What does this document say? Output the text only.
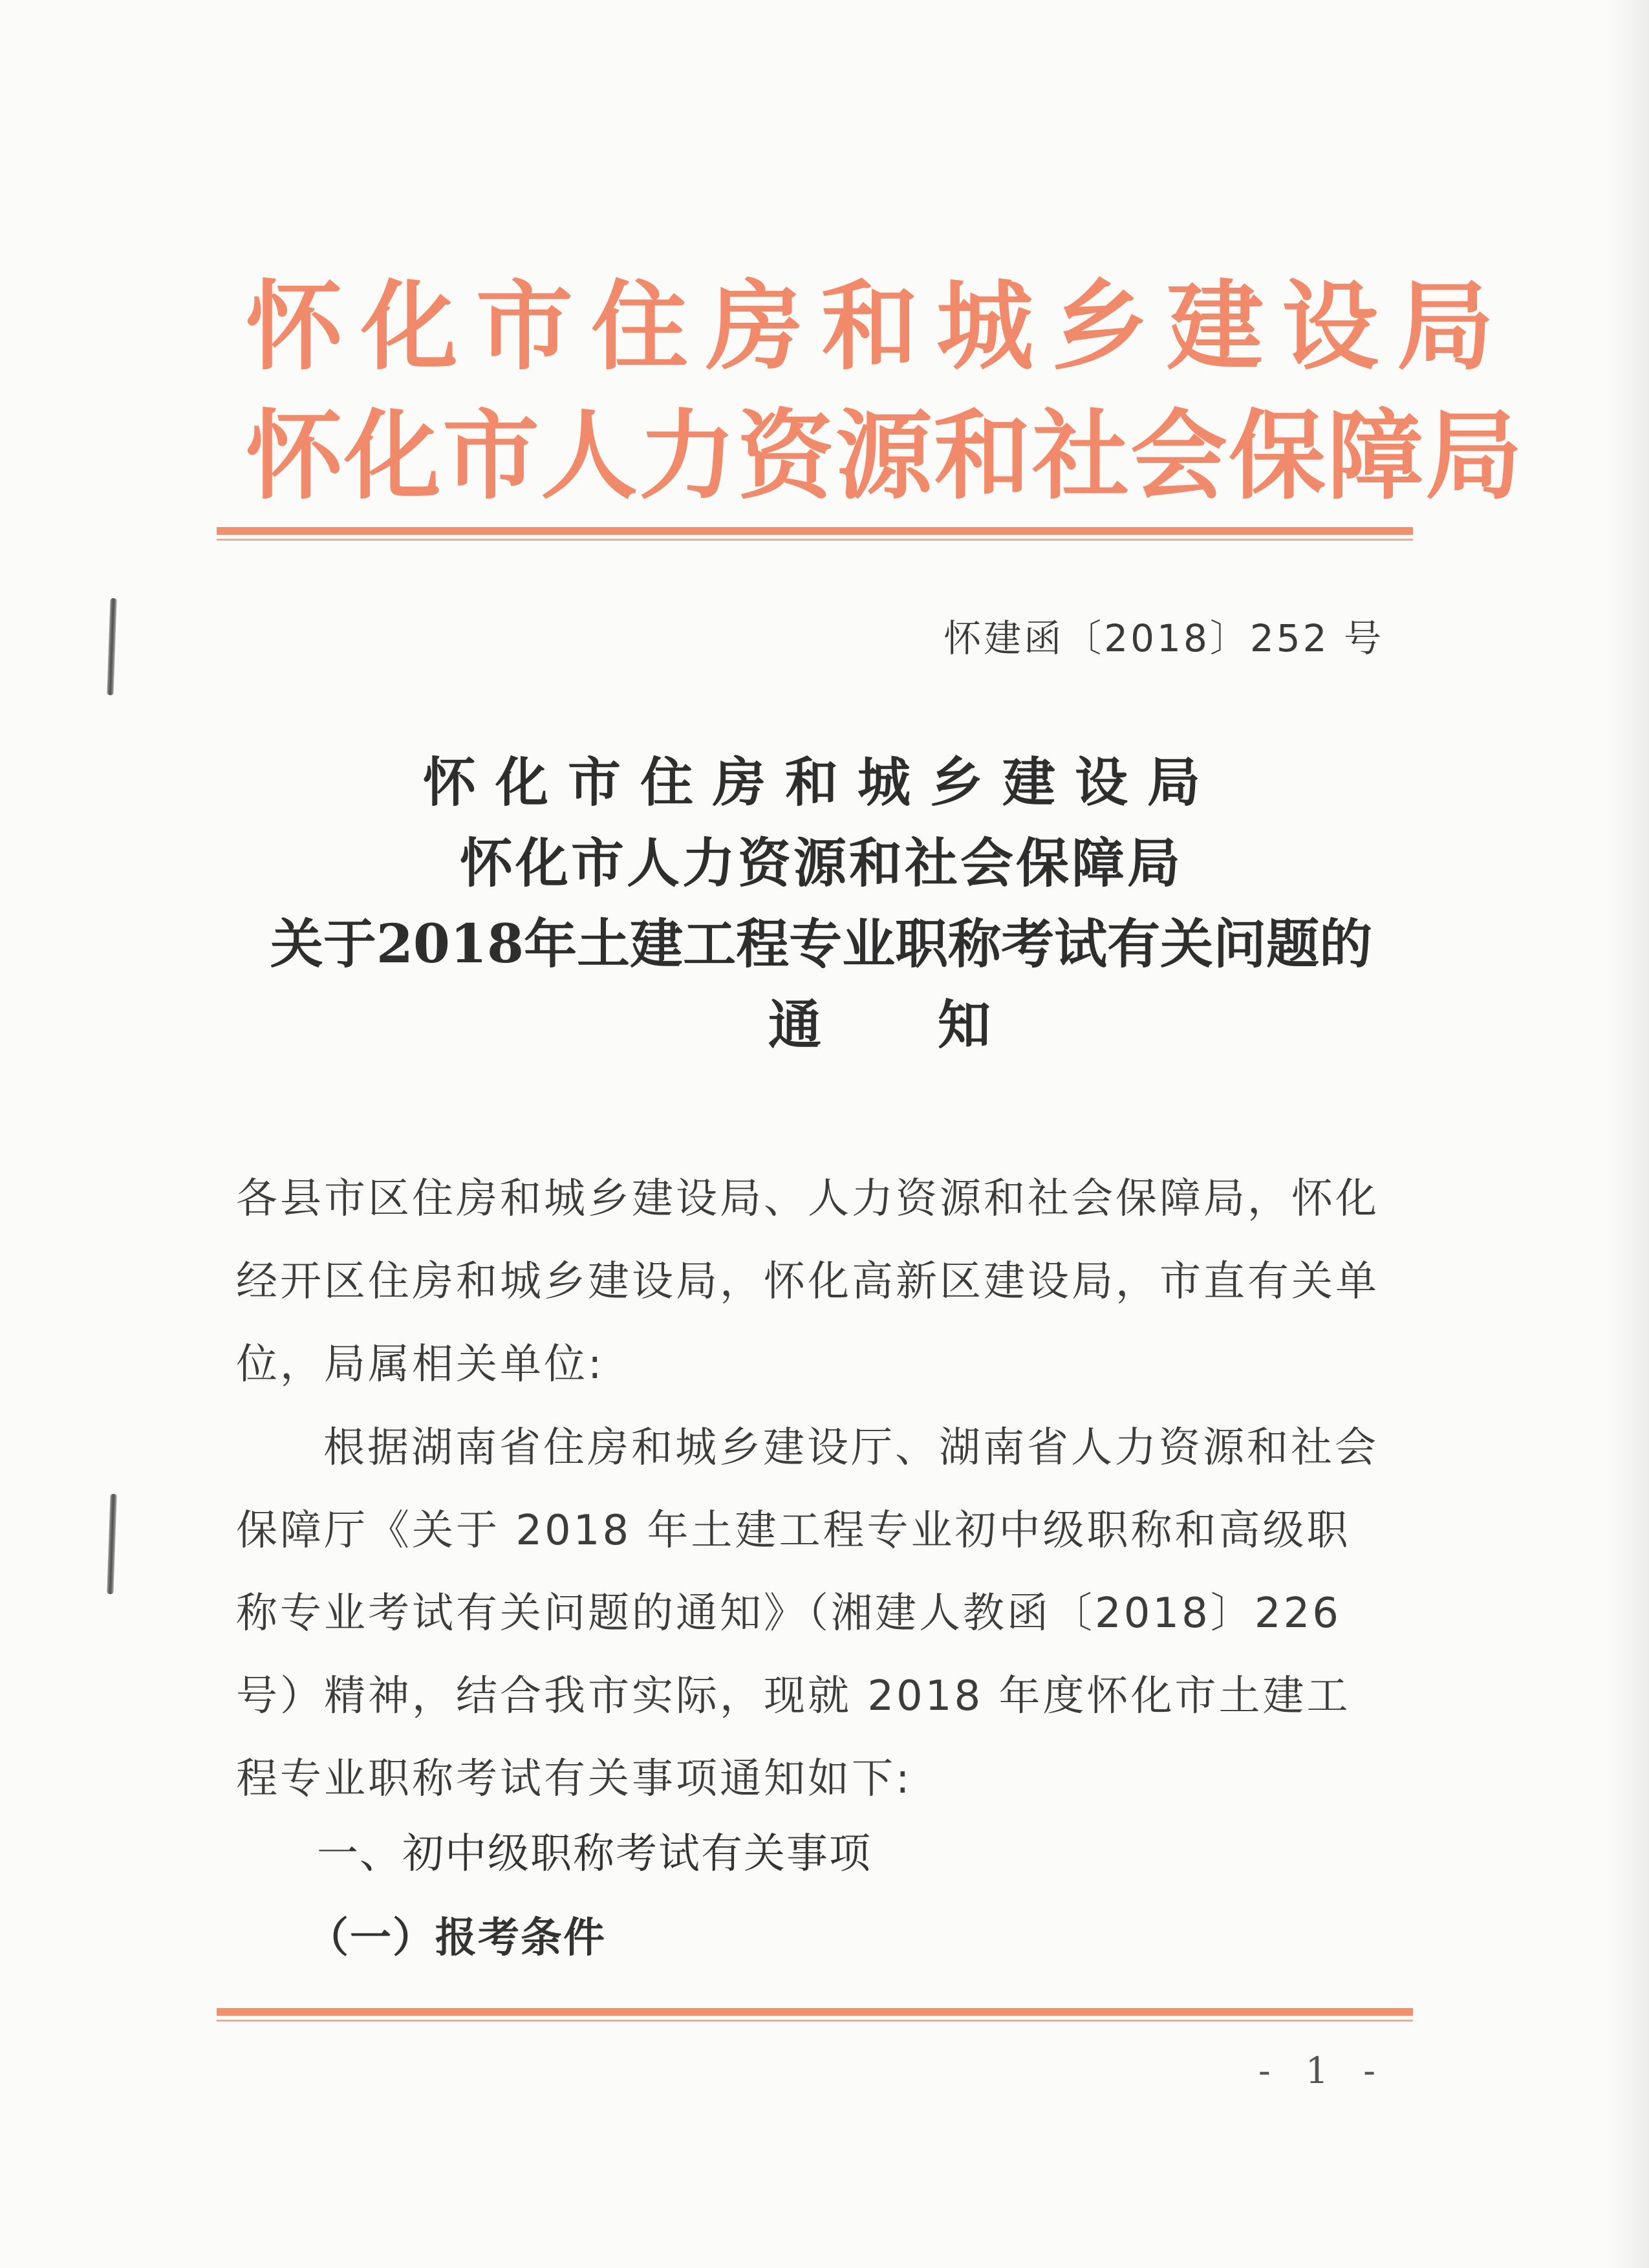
怀化市住房和城乡建设局
怀化市人力资源和社会保障局
怀建函〔2018〕252 号
怀化市住房和城乡建设局
怀化市人力资源和社会保障局
关于2018年土建工程专业职称考试有关问题的
通知
各县市区住房和城乡建设局、人力资源和社会保障局，怀化经开区住房和城乡建设局，怀化高新区建设局，市直有关单位，局属相关单位:
根据湖南省住房和城乡建设厅、湖南省人力资源和社会保障厅《关于 2018 年土建工程专业初中级职称和高级职称专业考试有关问题的通知》（湘建人教函〔2018〕226 号）精神，结合我市实际，现就 2018 年度怀化市土建工程专业职称考试有关事项通知如下:
一、初中级职称考试有关事项
（一）报考条件
- 1 -
